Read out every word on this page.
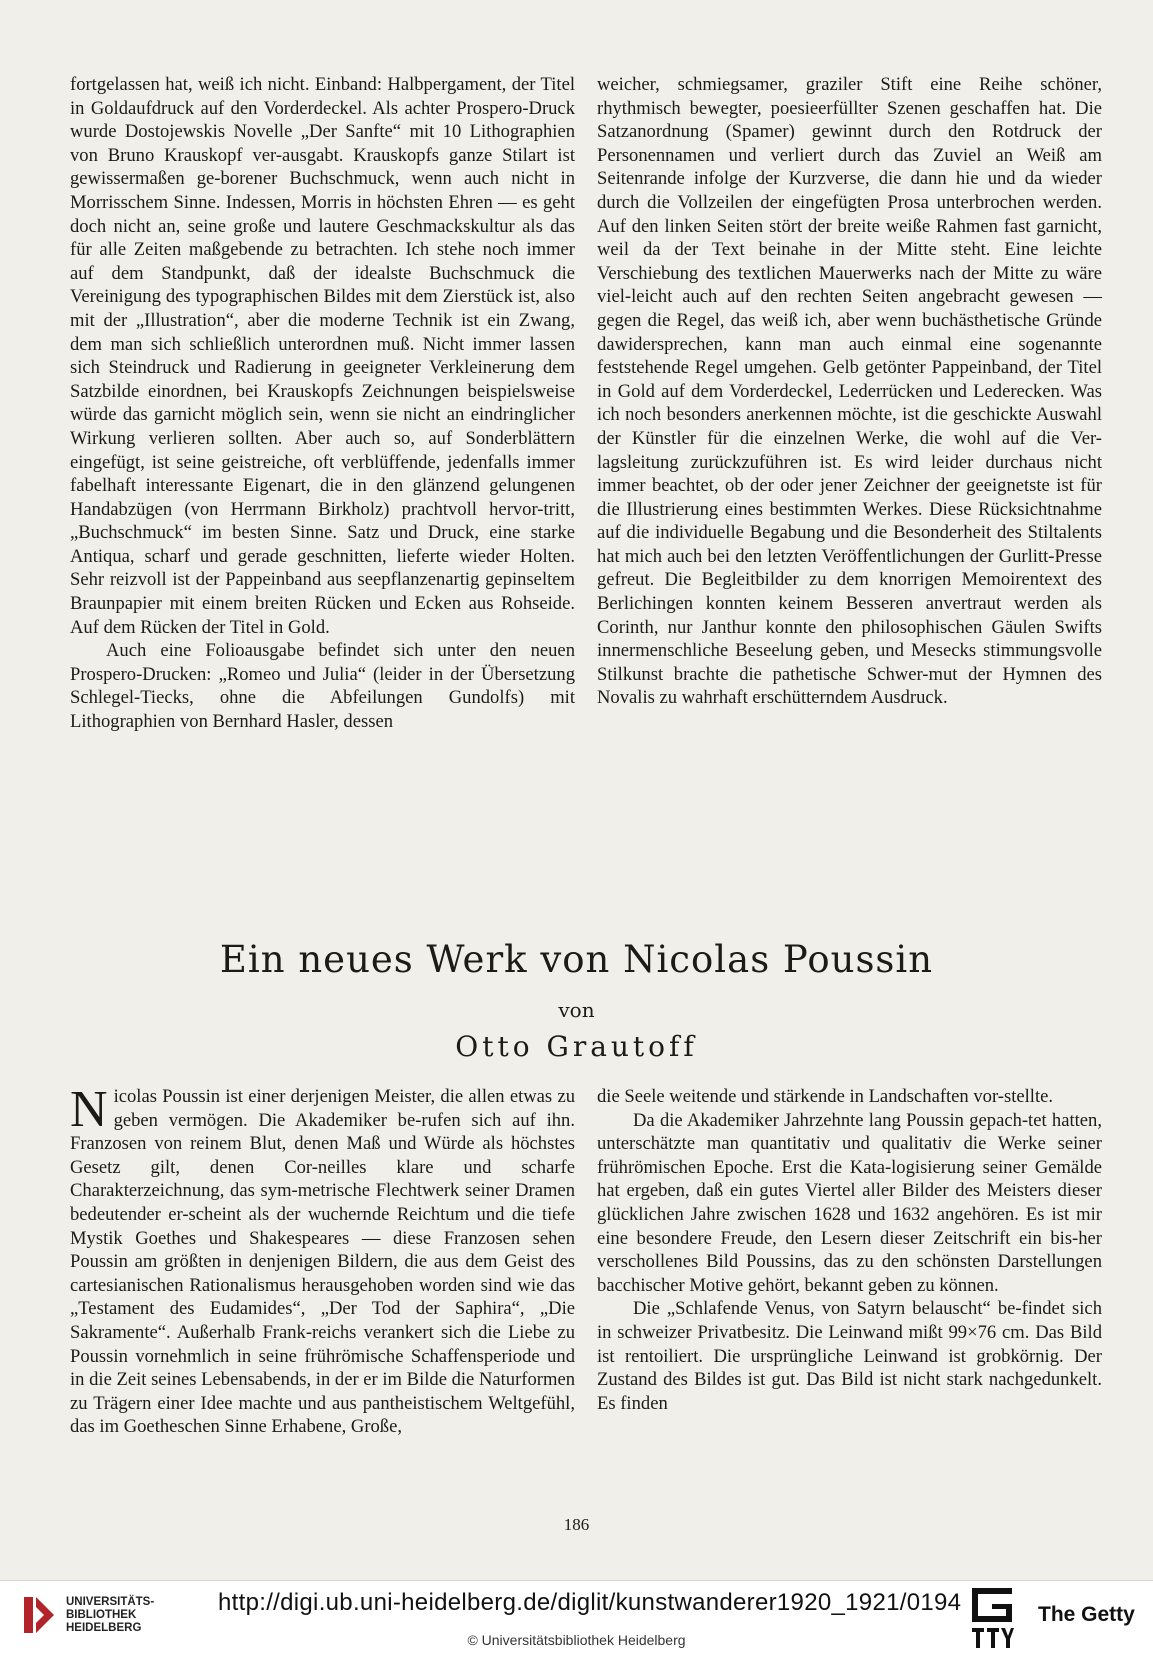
fortgelassen hat, weiß ich nicht. Einband: Halbpergament, der Titel in Goldaufdruck auf den Vorderdeckel. Als achter Prospero-Druck wurde Dostojewskis Novelle „Der Sanfte“ mit 10 Lithographien von Bruno Krauskopf ver-ausgabt. Krauskopfs ganze Stilart ist gewissermaßen ge-borener Buchschmuck, wenn auch nicht in Morrisschem Sinne. Indessen, Morris in höchsten Ehren — es geht doch nicht an, seine große und lautere Geschmackskultur als das für alle Zeiten maßgebende zu betrachten. Ich stehe noch immer auf dem Standpunkt, daß der idealste Buchschmuck die Vereinigung des typographischen Bildes mit dem Zierstück ist, also mit der „Illustration“, aber die moderne Technik ist ein Zwang, dem man sich schließlich unterordnen muß. Nicht immer lassen sich Steindruck und Radierung in geeigneter Verkleinerung dem Satzbilde einordnen, bei Krauskopfs Zeichnungen beispielsweise würde das garnicht möglich sein, wenn sie nicht an eindringlicher Wirkung verlieren sollten. Aber auch so, auf Sonderblättern eingefügt, ist seine geistreiche, oft verblüffende, jedenfalls immer fabelhaft interessante Eigenart, die in den glänzend gelungenen Handabzügen (von Herrmann Birkholz) prachtvoll hervor-tritt, „Buchschmuck“ im besten Sinne. Satz und Druck, eine starke Antiqua, scharf und gerade geschnitten, lieferte wieder Holten. Sehr reizvoll ist der Pappeinband aus seepflanzenartig gepinseltem Braunpapier mit einem breiten Rücken und Ecken aus Rohseide. Auf dem Rücken der Titel in Gold.

Auch eine Folioausgabe befindet sich unter den neuen Prospero-Drucken: „Romeo und Julia“ (leider in der Übersetzung Schlegel-Tiecks, ohne die Abfeilungen Gundolfs) mit Lithographien von Bernhard Hasler, dessen

weicher, schmiegsamer, graziler Stift eine Reihe schöner, rhythmisch bewegter, poesieerfüllter Szenen geschaffen hat. Die Satzanordnung (Spamer) gewinnt durch den Rotdruck der Personennamen und verliert durch das Zuviel an Weiß am Seitenrande infolge der Kurzverse, die dann hie und da wieder durch die Vollzeilen der eingefügten Prosa unterbrochen werden. Auf den linken Seiten stört der breite weiße Rahmen fast garnicht, weil da der Text beinahe in der Mitte steht. Eine leichte Verschiebung des textlichen Mauerwerks nach der Mitte zu wäre viel-leicht auch auf den rechten Seiten angebracht gewesen — gegen die Regel, das weiß ich, aber wenn buchästhetische Gründe dawidersprechen, kann man auch einmal eine sogenannte feststehende Regel umgehen. Gelb getönter Pappeinband, der Titel in Gold auf dem Vorderdeckel, Lederrücken und Lederecken. Was ich noch besonders anerkennen möchte, ist die geschickte Auswahl der Künstler für die einzelnen Werke, die wohl auf die Ver-lagsleitung zurückzuführen ist. Es wird leider durchaus nicht immer beachtet, ob der oder jener Zeichner der geeignetste ist für die Illustrierung eines bestimmten Werkes. Diese Rücksichtnahme auf die individuelle Begabung und die Besonderheit des Stiltalents hat mich auch bei den letzten Veröffentlichungen der Gurlitt-Presse gefreut. Die Begleitbilder zu dem knorrigen Memoirentext des Berlichingen konnten keinem Besseren anvertraut werden als Corinth, nur Janthur konnte den philosophischen Gäulen Swifts innermenschliche Beseelung geben, und Mesecks stimmungsvolle Stilkunst brachte die pathetische Schwer-mut der Hymnen des Novalis zu wahrhaft erschütterndem Ausdruck.

Ein neues Werk von Nicolas Poussin

von

Otto Grautoff

Nicolas Poussin ist einer derjenigen Meister, die allen etwas zu geben vermögen. Die Akademiker be-rufen sich auf ihn. Franzosen von reinem Blut, denen Maß und Würde als höchstes Gesetz gilt, denen Cor-neilles klare und scharfe Charakterzeichnung, das sym-metrische Flechtwerk seiner Dramen bedeutender er-scheint als der wuchernde Reichtum und die tiefe Mystik Goethes und Shakespeares — diese Franzosen sehen Poussin am größten in denjenigen Bildern, die aus dem Geist des cartesianischen Rationalismus herausgehoben worden sind wie das „Testament des Eudamides“, „Der Tod der Saphira“, „Die Sakramente“. Außerhalb Frank-reichs verankert sich die Liebe zu Poussin vornehmlich in seine frührömische Schaffensperiode und in die Zeit seines Lebensabends, in der er im Bilde die Naturformen zu Trägern einer Idee machte und aus pantheistischem Weltgefühl, das im Goetheschen Sinne Erhabene, Große,

die Seele weitende und stärkende in Landschaften vor-stellte.

Da die Akademiker Jahrzehnte lang Poussin gepach-tet hatten, unterschätzte man quantitativ und qualitativ die Werke seiner frührömischen Epoche. Erst die Kata-logisierung seiner Gemälde hat ergeben, daß ein gutes Viertel aller Bilder des Meisters dieser glücklichen Jahre zwischen 1628 und 1632 angehören. Es ist mir eine besondere Freude, den Lesern dieser Zeitschrift ein bis-her verschollenes Bild Poussins, das zu den schönsten Darstellungen bacchischer Motive gehört, bekannt geben zu können.

Die „Schlafende Venus, von Satyrn belauscht“ be-findet sich in schweizer Privatbesitz. Die Leinwand mißt 99×76 cm. Das Bild ist rentoiliert. Die ursprüngliche Leinwand ist grobkörnig. Der Zustand des Bildes ist gut. Das Bild ist nicht stark nachgedunkelt. Es finden

186
UNIVERSITÄTS-
BIBLIOTHEK
HEIDELBERG
http://digi.ub.uni-heidelberg.de/diglit/kunstwanderer1920_1921/0194
© Universitätsbibliothek Heidelberg
The Getty
